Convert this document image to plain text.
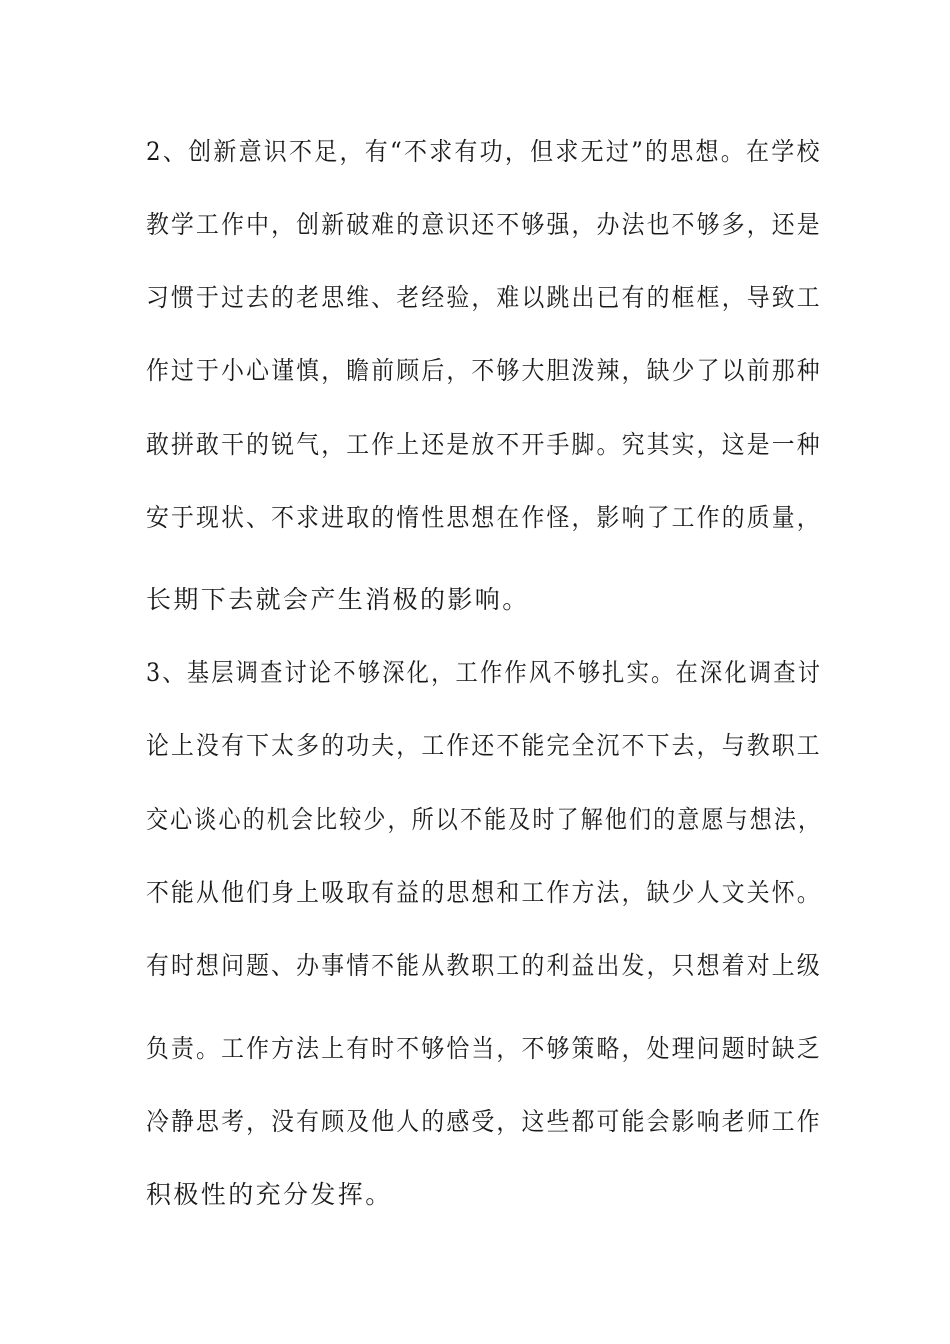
2、创新意识不足，有“不求有功，但求无过”的思想。在学校
教学工作中，创新破难的意识还不够强，办法也不够多，还是
习惯于过去的老思维、老经验，难以跳出已有的框框，导致工
作过于小心谨慎，瞻前顾后，不够大胆泼辣，缺少了以前那种
敢拼敢干的锐气，工作上还是放不开手脚。究其实，这是一种
安于现状、不求进取的惰性思想在作怪，影响了工作的质量，
长期下去就会产生消极的影响。
3、基层调查讨论不够深化，工作作风不够扎实。在深化调查讨
论上没有下太多的功夫，工作还不能完全沉不下去，与教职工
交心谈心的机会比较少，所以不能及时了解他们的意愿与想法，
不能从他们身上吸取有益的思想和工作方法，缺少人文关怀。
有时想问题、办事情不能从教职工的利益出发，只想着对上级
负责。工作方法上有时不够恰当，不够策略，处理问题时缺乏
冷静思考，没有顾及他人的感受，这些都可能会影响老师工作
积极性的充分发挥。
